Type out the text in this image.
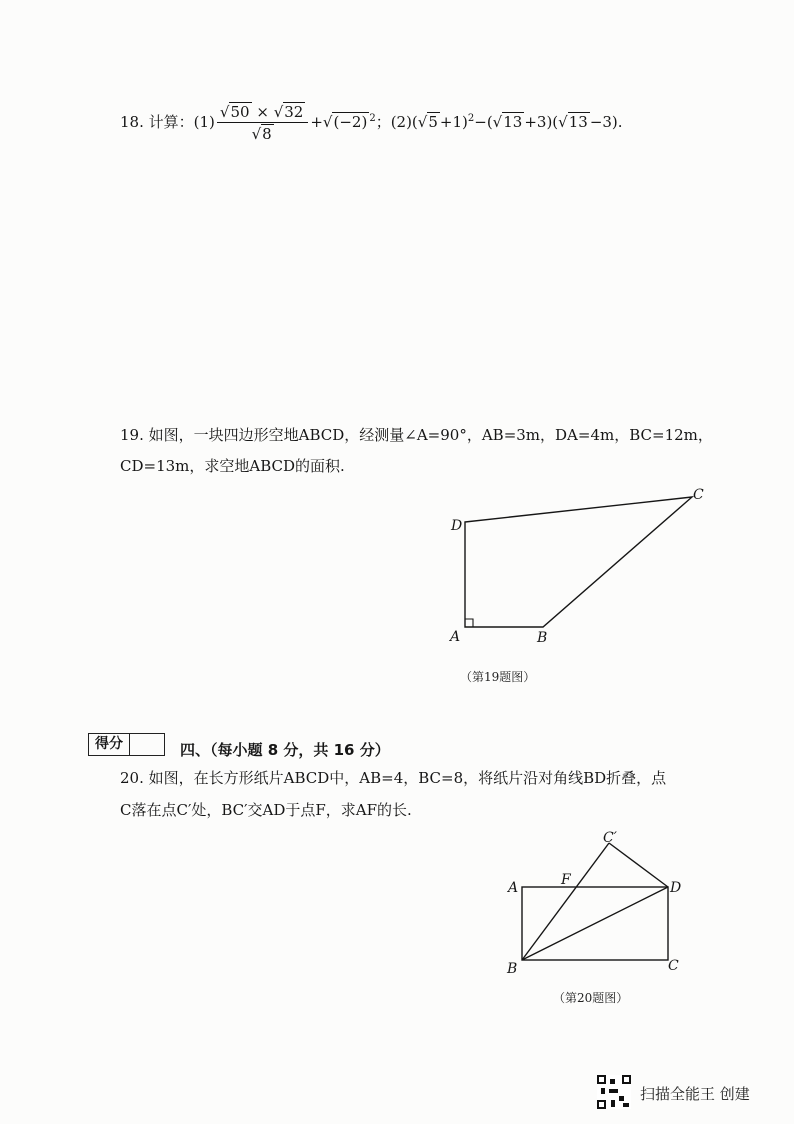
18. 计算：$(1) \frac{√50 \times √32}{√8} +√(-2)$ $^2$；$(2)(√5 +1)^2-(√13 +3)(√13 -3)$.
19. 如图，一块四边形空地ABCD，经测量∠A=90°，AB=3m，DA=4m，BC=12m，
CD=13m，求空地ABCD的面积.
D
C
A	B
（第19题图）
得分	四、（每小题 8 分，共 16 分）
20. 如图，在长方形纸片ABCD中，AB=4，BC=8，将纸片沿对角线BD折叠，点
C落在点C′处，BC′交AD于点F，求AF的长.
C′
A	F	D
B	C
（第20题图）
扫描全能王 创建
